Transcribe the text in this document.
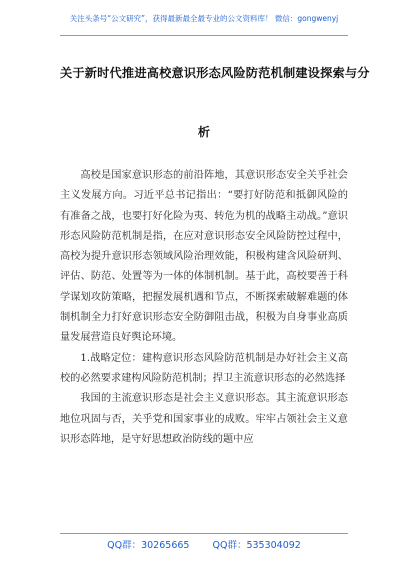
关注头条号“公文研究”，获得最新最全最专业的公文资料库！ 微信：gongwenyj
关于新时代推进高校意识形态风险防范机制建设探索与分
析

高校是国家意识形态的前沿阵地，其意识形态安全关乎社会主义发展方向。习近平总书记指出：“要打好防范和抵御风险的有准备之战，也要打好化险为夷、转危为机的战略主动战。”意识形态风险防范机制是指，在应对意识形态安全风险防控过程中，高校为提升意识形态领域风险治理效能，积极构建含风险研判、评估、防范、处置等为一体的体制机制。基于此，高校要善于科学谋划攻防策略，把握发展机遇和节点，不断探索破解难题的体制机制全力打好意识形态安全防御阻击战，积极为自身事业高质量发展营造良好舆论环境。

1.战略定位：建构意识形态风险防范机制是办好社会主义高校的必然要求建构风险防范机制；捍卫主流意识形态的必然选择

我国的主流意识形态是社会主义意识形态。其主流意识形态地位巩固与否，关乎党和国家事业的成败。牢牢占领社会主义意识形态阵地，是守好思想政治防线的题中应

QQ群：30265665 QQ群：535304092
